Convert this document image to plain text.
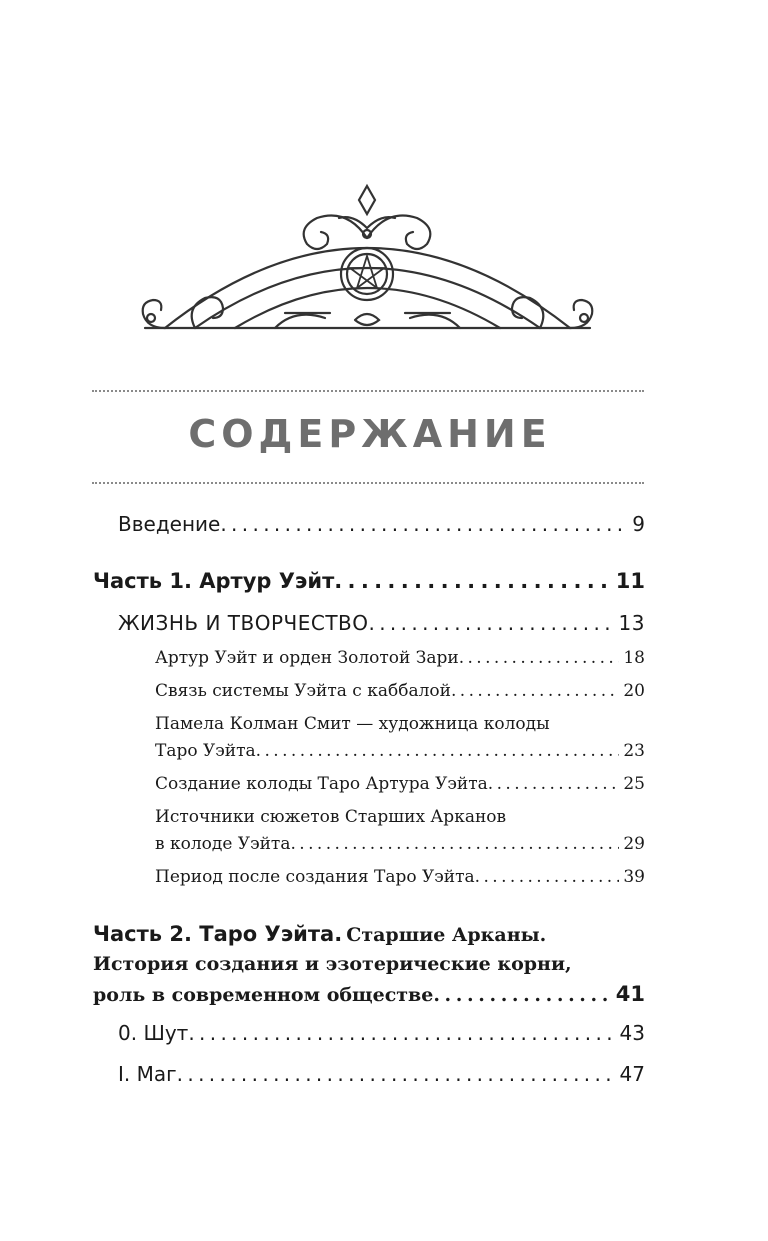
СОДЕРЖАНИЕ
Введение . . .	9
Часть 1. Артур Уэйт . . .	11
ЖИЗНЬ И ТВОРЧЕСТВО . . .	13
Артур Уэйт и орден Золотой Зари . . .	18
Связь системы Уэйта с каббалой . . .	20
Памела Колман Смит — художница колоды
Таро Уэйта . . .	23
Создание колоды Таро Артура Уэйта . . .	25
Источники сюжетов Старших Арканов
в колоде Уэйта . . .	29
Период после создания Таро Уэйта . . .	39
Часть 2. Таро Уэйта. Старшие Арканы.
История создания и эзотерические корни,
роль в современном обществе . . .	41
0. Шут . . .	43
I. Маг . . .	47
